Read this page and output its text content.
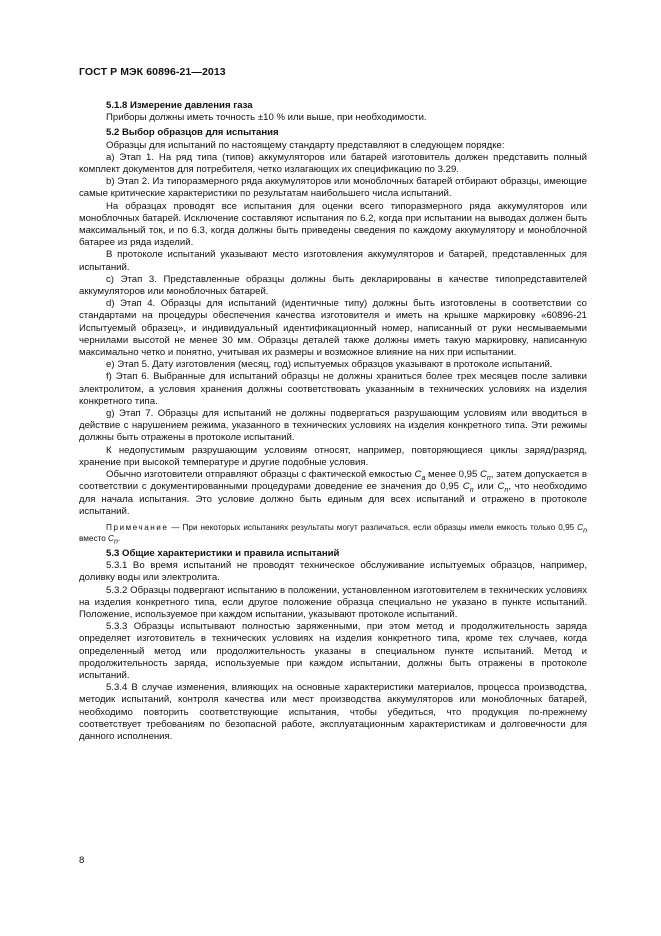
ГОСТ Р МЭК 60896-21—2013

5.1.8 Измерение давления газа

Приборы должны иметь точность ±10 % или выше, при необходимости.

5.2 Выбор образцов для испытания

Образцы для испытаний по настоящему стандарту представляют в следующем порядке:

a) Этап 1. На ряд типа (типов) аккумуляторов или батарей изготовитель должен представить полный комплект документов для потребителя, четко излагающих их спецификацию по 3.29.

b) Этап 2. Из типоразмерного ряда аккумуляторов или моноблочных батарей отбирают образцы, имеющие самые критические характеристики по результатам наибольшего числа испытаний.

На образцах проводят все испытания для оценки всего типоразмерного ряда аккумуляторов или моноблочных батарей. Исключение составляют испытания по 6.2, когда при испытании на выводах должен быть максимальный ток, и по 6.3, когда должны быть приведены сведения по каждому аккумулятору и моноблочной батарее из ряда изделий.

В протоколе испытаний указывают место изготовления аккумуляторов и батарей, представленных для испытаний.

c) Этап 3. Представленные образцы должны быть декларированы в качестве типопредставителей аккумуляторов или моноблочных батарей.

d) Этап 4. Образцы для испытаний (идентичные типу) должны быть изготовлены в соответствии со стандартами на процедуры обеспечения качества изготовителя и иметь на крышке маркировку «60896-21 Испытуемый образец», и индивидуальный идентификационный номер, написанный от руки несмываемыми чернилами высотой не менее 30 мм. Образцы деталей также должны иметь такую маркировку, написанную максимально четко и понятно, учитывая их размеры и возможное влияние на них при испытании.

e) Этап 5. Дату изготовления (месяц, год) испытуемых образцов указывают в протоколе испытаний.

f) Этап 6. Выбранные для испытаний образцы не должны храниться более трех месяцев после заливки электролитом, а условия хранения должны соответствовать указанным в технических условиях на изделия конкретного типа.

g) Этап 7. Образцы для испытаний не должны подвергаться разрушающим условиям или вводиться в действие с нарушением режима, указанного в технических условиях на изделия конкретного типа. Эти режимы должны быть отражены в протоколе испытаний.

К недопустимым разрушающим условиям относят, например, повторяющиеся циклы заряд/разряд, хранение при высокой температуре и другие подобные условия.

Обычно изготовители отправляют образцы с фактической емкостью $C_a$ менее 0,95 $C_n$, затем допускается в соответствии с документированными процедурами доведение ее значения до 0,95 $C_n$ или $C_n$, что необходимо для начала испытания. Это условие должно быть единым для всех испытаний и отражено в протоколе испытаний.

Примечание — При некоторых испытаниях результаты могут различаться, если образцы имели емкость только 0,95 $C_n$ вместо $C_n$.

5.3 Общие характеристики и правила испытаний

5.3.1 Во время испытаний не проводят техническое обслуживание испытуемых образцов, например, доливку воды или электролита.

5.3.2 Образцы подвергают испытанию в положении, установленном изготовителем в технических условиях на изделия конкретного типа, если другое положение образца специально не указано в пункте испытаний. Положение, используемое при каждом испытании, указывают протоколе испытаний.

5.3.3 Образцы испытывают полностью заряженными, при этом метод и продолжительность заряда определяет изготовитель в технических условиях на изделия конкретного типа, кроме тех случаев, когда определенный метод или продолжительность указаны в специальном пункте испытаний. Метод и продолжительность заряда, используемые при каждом испытании, должны быть отражены в протоколе испытаний.

5.3.4 В случае изменения, влияющих на основные характеристики материалов, процесса производства, методик испытаний, контроля качества или мест производства аккумуляторов или моноблочных батарей, необходимо повторить соответствующие испытания, чтобы убедиться, что продукция по-прежнему соответствует требованиям по безопасной работе, эксплуатационным характеристикам и долговечности для данного исполнения.

8
